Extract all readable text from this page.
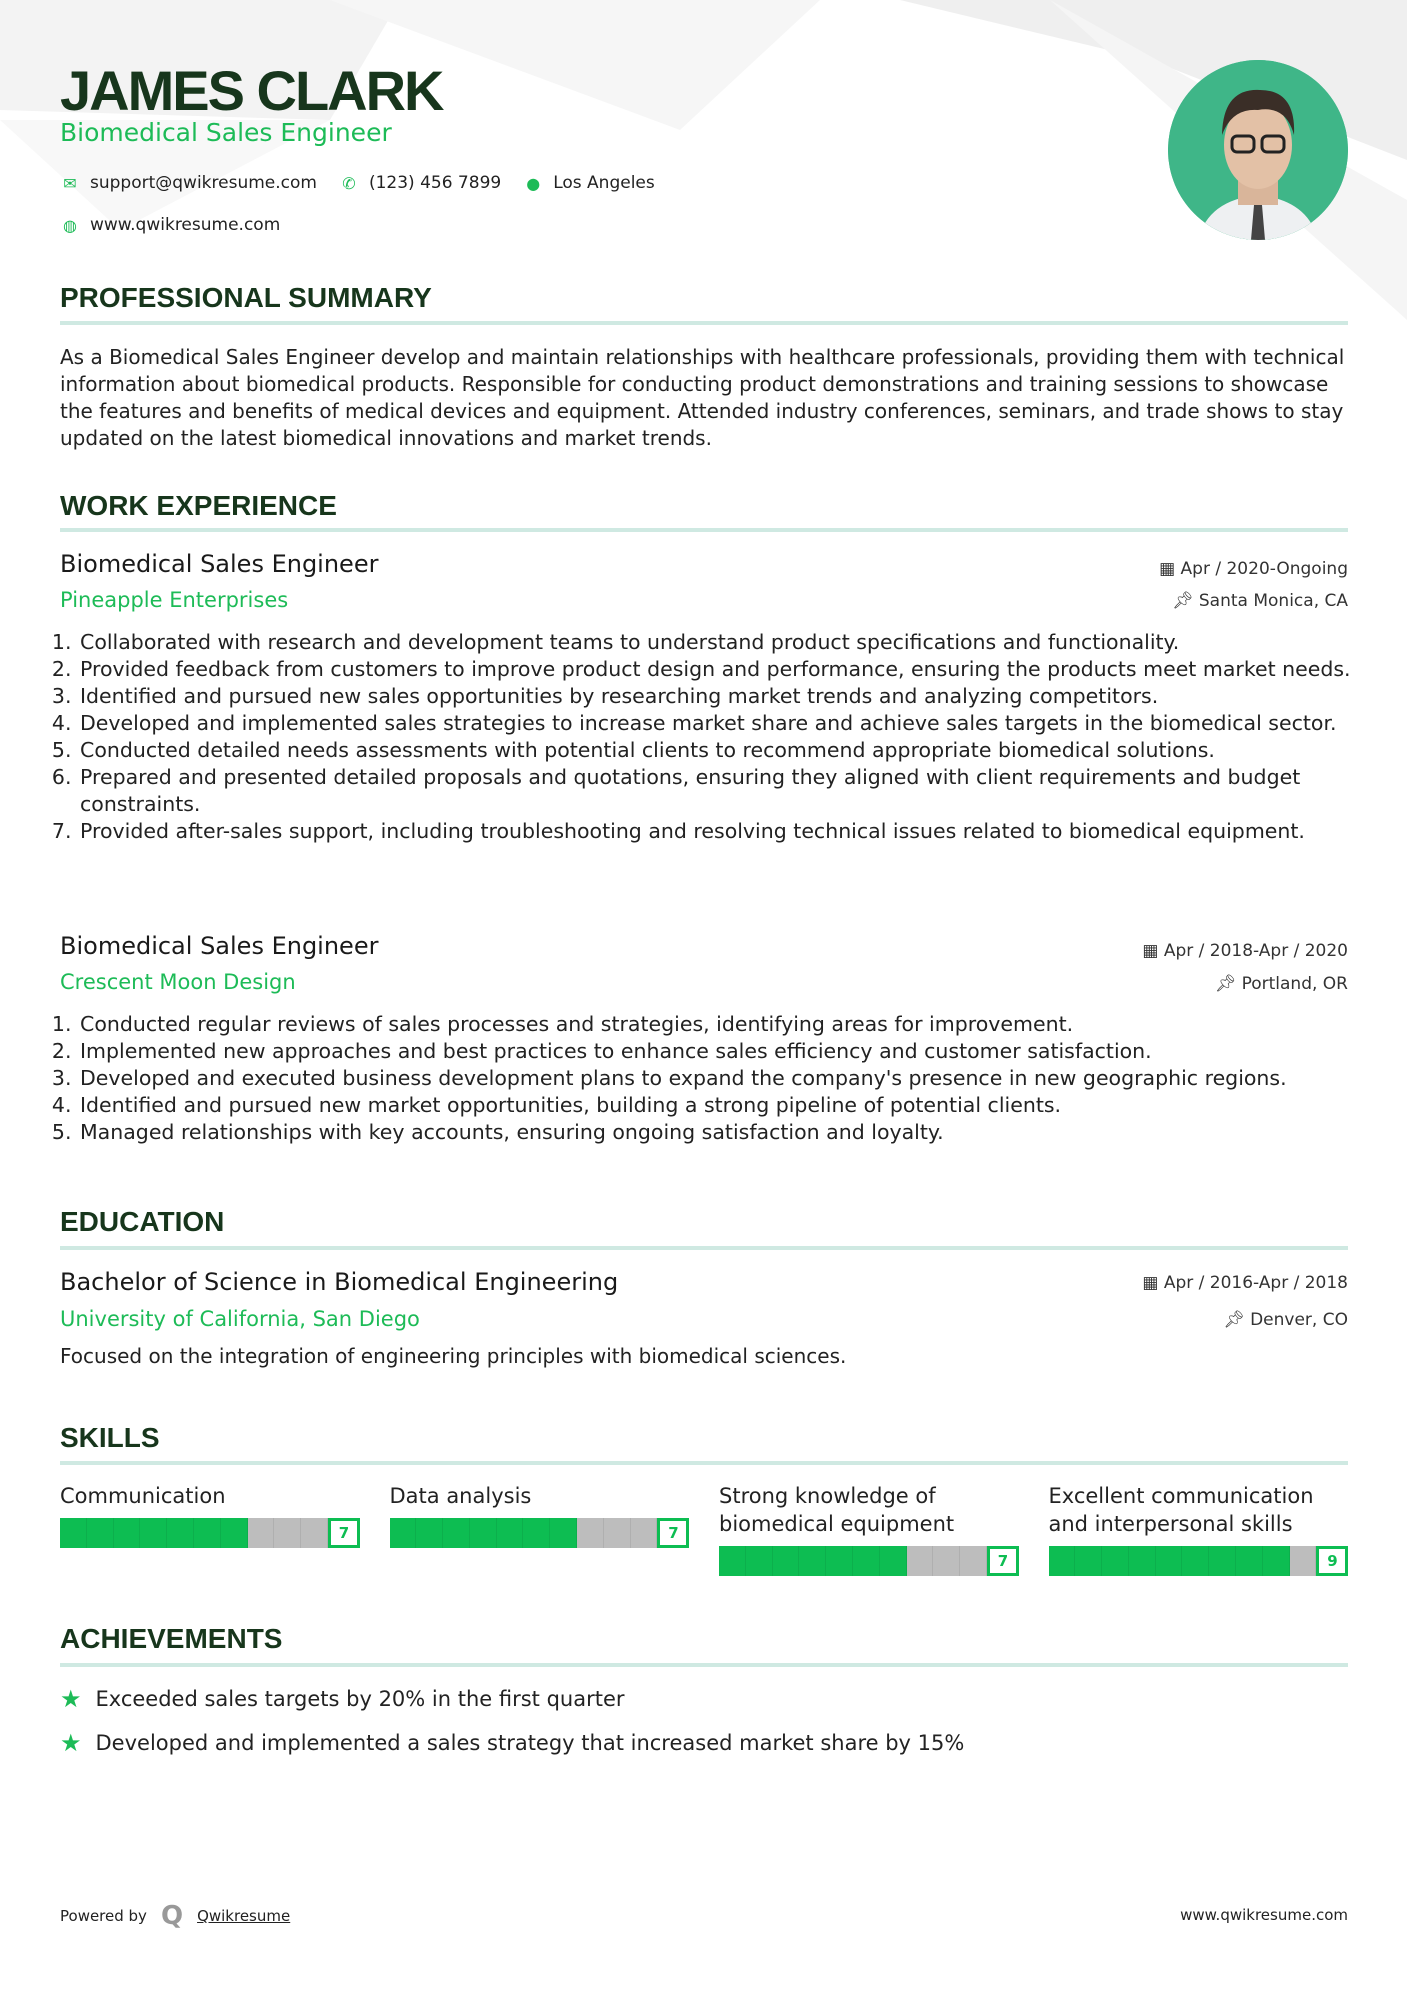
JAMES CLARK
Biomedical Sales Engineer
✉ support@qwikresume.com ✆ (123) 456 7899 ● Los Angeles
◍ www.qwikresume.com
PROFESSIONAL SUMMARY
As a Biomedical Sales Engineer develop and maintain relationships with healthcare professionals, providing them with technical information about biomedical products. Responsible for conducting product demonstrations and training sessions to showcase the features and benefits of medical devices and equipment. Attended industry conferences, seminars, and trade shows to stay updated on the latest biomedical innovations and market trends.
WORK EXPERIENCE
Biomedical Sales Engineer
Pineapple Enterprises
▦ Apr / 2020-Ongoing
📌︎ Santa Monica, CA
1. Collaborated with research and development teams to understand product specifications and functionality.
2. Provided feedback from customers to improve product design and performance, ensuring the products meet market needs.
3. Identified and pursued new sales opportunities by researching market trends and analyzing competitors.
4. Developed and implemented sales strategies to increase market share and achieve sales targets in the biomedical sector.
5. Conducted detailed needs assessments with potential clients to recommend appropriate biomedical solutions.
6. Prepared and presented detailed proposals and quotations, ensuring they aligned with client requirements and budget constraints.
7. Provided after-sales support, including troubleshooting and resolving technical issues related to biomedical equipment.
Biomedical Sales Engineer
Crescent Moon Design
▦ Apr / 2018-Apr / 2020
📌︎ Portland, OR
1. Conducted regular reviews of sales processes and strategies, identifying areas for improvement.
2. Implemented new approaches and best practices to enhance sales efficiency and customer satisfaction.
3. Developed and executed business development plans to expand the company's presence in new geographic regions.
4. Identified and pursued new market opportunities, building a strong pipeline of potential clients.
5. Managed relationships with key accounts, ensuring ongoing satisfaction and loyalty.
EDUCATION
Bachelor of Science in Biomedical Engineering
University of California, San Diego
▦ Apr / 2016-Apr / 2018
📌︎ Denver, CO
Focused on the integration of engineering principles with biomedical sciences.
SKILLS
Communication
7
Data analysis
7
Strong knowledge of biomedical equipment
7
Excellent communication and interpersonal skills
9
ACHIEVEMENTS
★ Exceeded sales targets by 20% in the first quarter
★ Developed and implemented a sales strategy that increased market share by 15%
Powered by Q Qwikresume	www.qwikresume.com
